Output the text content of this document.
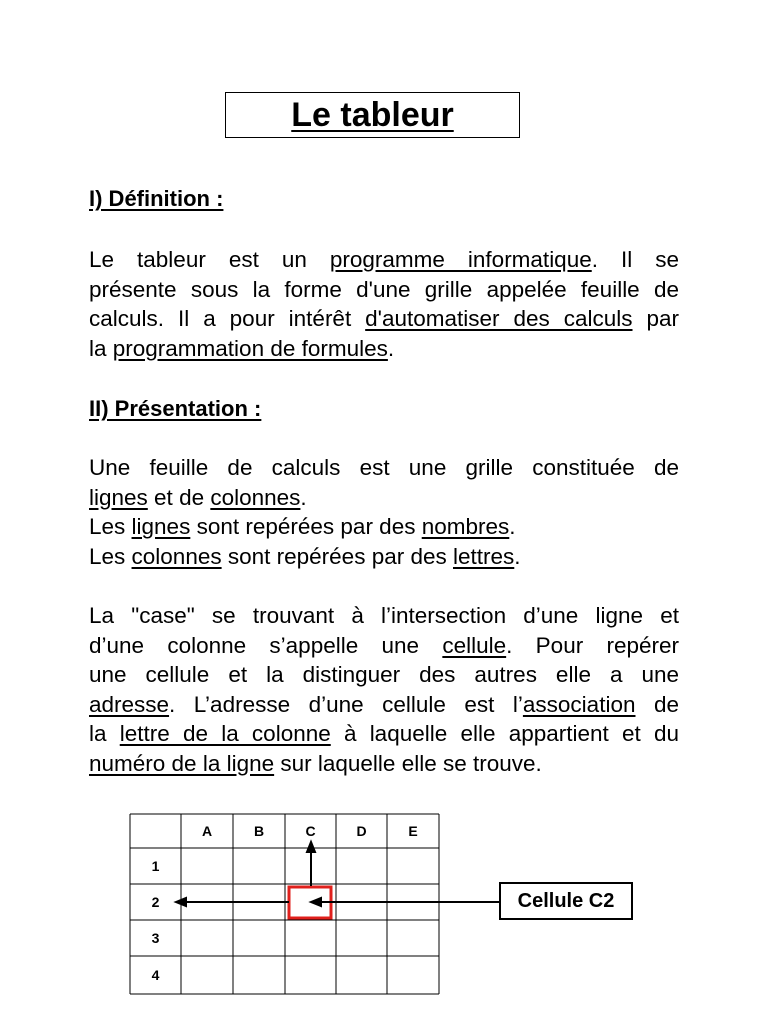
Le tableur
I) Définition :

Le tableur est un programme informatique. Il se
présente sous la forme d'une grille appelée feuille de
calculs. Il a pour intérêt d'automatiser des calculs par
la programmation de formules.

II) Présentation :

Une feuille de calculs est une grille constituée de
lignes et de colonnes.
Les lignes sont repérées par des nombres.
Les colonnes sont repérées par des lettres.

La "case" se trouvant à l’intersection d’une ligne et
d’une colonne s’appelle une cellule. Pour repérer
une cellule et la distinguer des autres elle a une
adresse. L’adresse d’une cellule est l’association de
la lettre de la colonne à laquelle elle appartient et du
numéro de la ligne sur laquelle elle se trouve.

A	B	C	D	E
1
2
3
4
Cellule C2
